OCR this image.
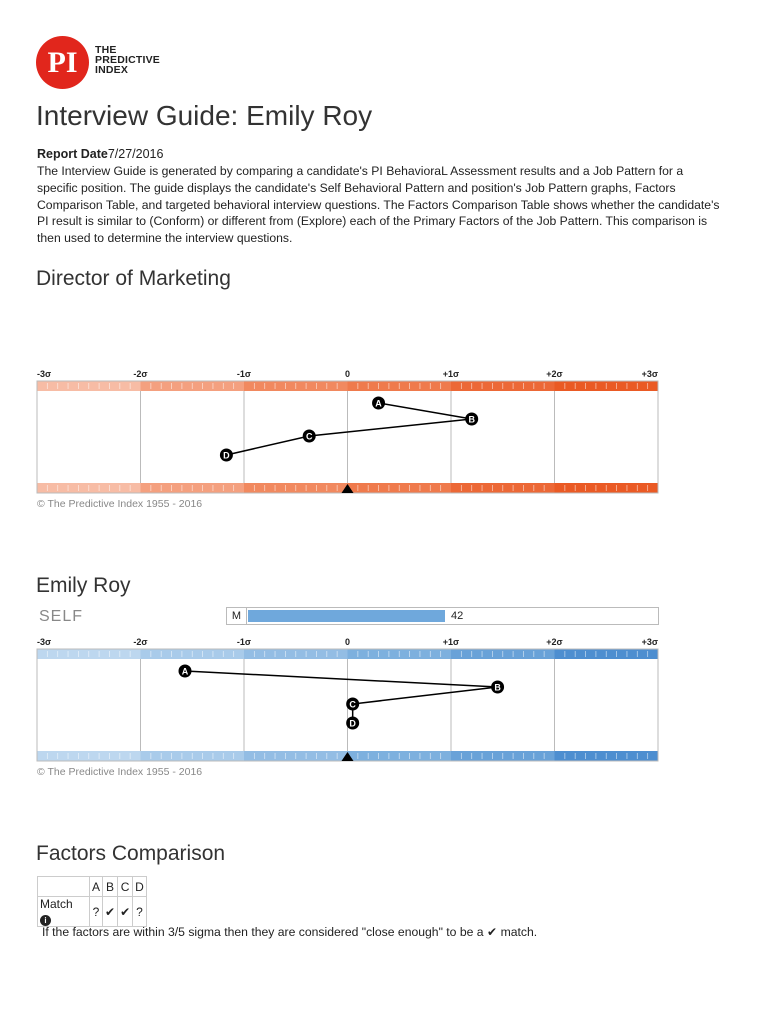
PI	THE
PREDICTIVE
INDEX
Interview Guide: Emily Roy
Report Date7/27/2016

The Interview Guide is generated by comparing a candidate's PI BehavioraL Assessment results and a Job Pattern for a specific position. The guide displays the candidate's Self Behavioral Pattern and position's Job Pattern graphs, Factors Comparison Table, and targeted behavioral interview questions. The Factors Comparison Table shows whether the candidate's PI result is similar to (Conform) or different from (Explore) each of the Primary Factors of the Job Pattern. This comparison is then used to determine the interview questions.

Director of Marketing
-3σ	-2σ	-1σ	0	+1σ	+2σ	+3σ
A
B
C
D
© The Predictive Index 1955 - 2016
Emily Roy
SELF	M	42
-3σ	-2σ	-1σ	0	+1σ	+2σ	+3σ
A
B
C
D
© The Predictive Index 1955 - 2016
Factors Comparison
	A	B	C	D
Match i	?	✔	✔	?

If the factors are within 3/5 sigma then they are considered "close enough" to be a ✔ match.
